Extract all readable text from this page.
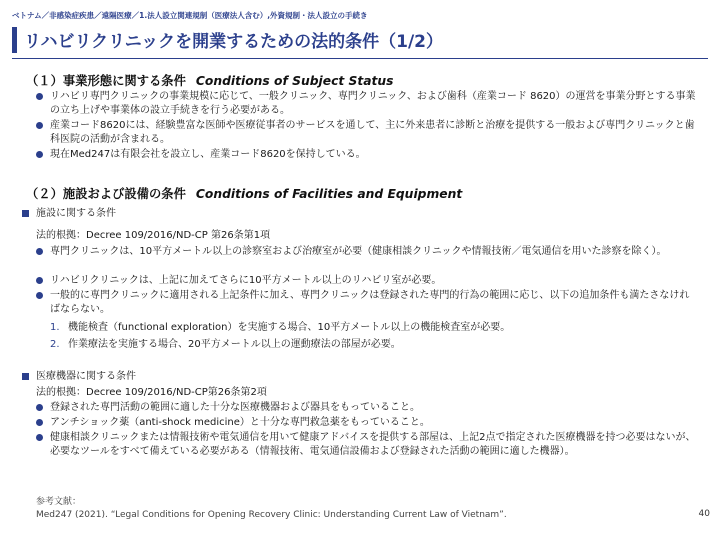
ベトナム／非感染症疾患／遠隔医療／1.法人設立関連規制（医療法人含む）,外資規制・法人設立の手続き
リハビリクリニックを開業するための法的条件（1/2）
（１）事業形態に関する条件 Conditions of Subject Status
リハビリ専門クリニックの事業規模に応じて、一般クリニック、専門クリニック、および歯科（産業コード 8620）の運営を事業分野とする事業の立ち上げや事業体の設立手続きを行う必要がある。
産業コード8620には、経験豊富な医師や医療従事者のサービスを通して、主に外来患者に診断と治療を提供する一般および専門クリニックと歯科医院の活動が含まれる。
現在Med247は有限会社を設立し、産業コード8620を保持している。
（２）施設および設備の条件 Conditions of Facilities and Equipment
施設に関する条件
法的根拠：Decree 109/2016/ND-CP 第26条第1項
専門クリニックは、10平方メートル以上の診察室および治療室が必要（健康相談クリニックや情報技術／電気通信を用いた診察を除く）。
リハビリクリニックは、上記に加えてさらに10平方メートル以上のリハビリ室が必要。
一般的に専門クリニックに適用される上記条件に加え、専門クリニックは登録された専門的行為の範囲に応じ、以下の追加条件も満たさなければならない。
1. 機能検査（functional exploration）を実施する場合、10平方メートル以上の機能検査室が必要。
2. 作業療法を実施する場合、20平方メートル以上の運動療法の部屋が必要。
医療機器に関する条件
法的根拠：Decree 109/2016/ND-CP第26条第2項
登録された専門活動の範囲に適した十分な医療機器および器具をもっていること。
アンチショック薬（anti-shock medicine）と十分な専門救急薬をもっていること。
健康相談クリニックまたは情報技術や電気通信を用いて健康アドバイスを提供する部屋は、上記2点で指定された医療機器を持つ必要はないが、必要なツールをすべて備えている必要がある（情報技術、電気通信設備および登録された活動の範囲に適した機器）。
参考文献：
Med247 (2021). “Legal Conditions for Opening Recovery Clinic: Understanding Current Law of Vietnam”.	40
